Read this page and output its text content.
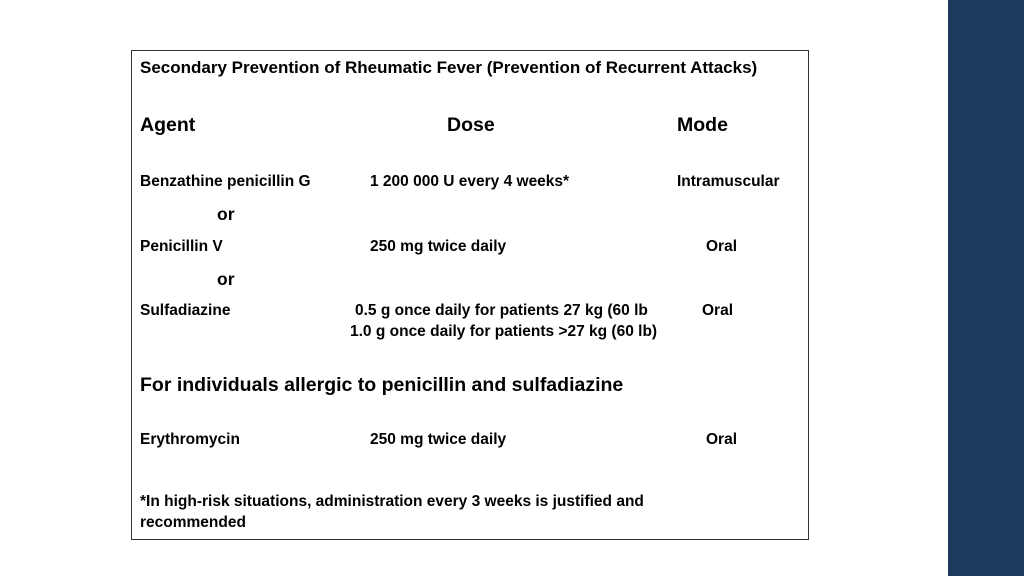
Secondary Prevention of Rheumatic Fever (Prevention of Recurrent Attacks)
Agent	Dose	Mode
Benzathine penicillin G	1 200 000 U every 4 weeks*	Intramuscular
or
Penicillin V	250 mg twice daily	Oral
or
Sulfadiazine	0.5 g once daily for patients 27 kg (60 lb	Oral
1.0 g once daily for patients >27 kg (60 lb)
For individuals allergic to penicillin and sulfadiazine
Erythromycin	250 mg twice daily	Oral
*In high-risk situations, administration every 3 weeks is justified and recommended
